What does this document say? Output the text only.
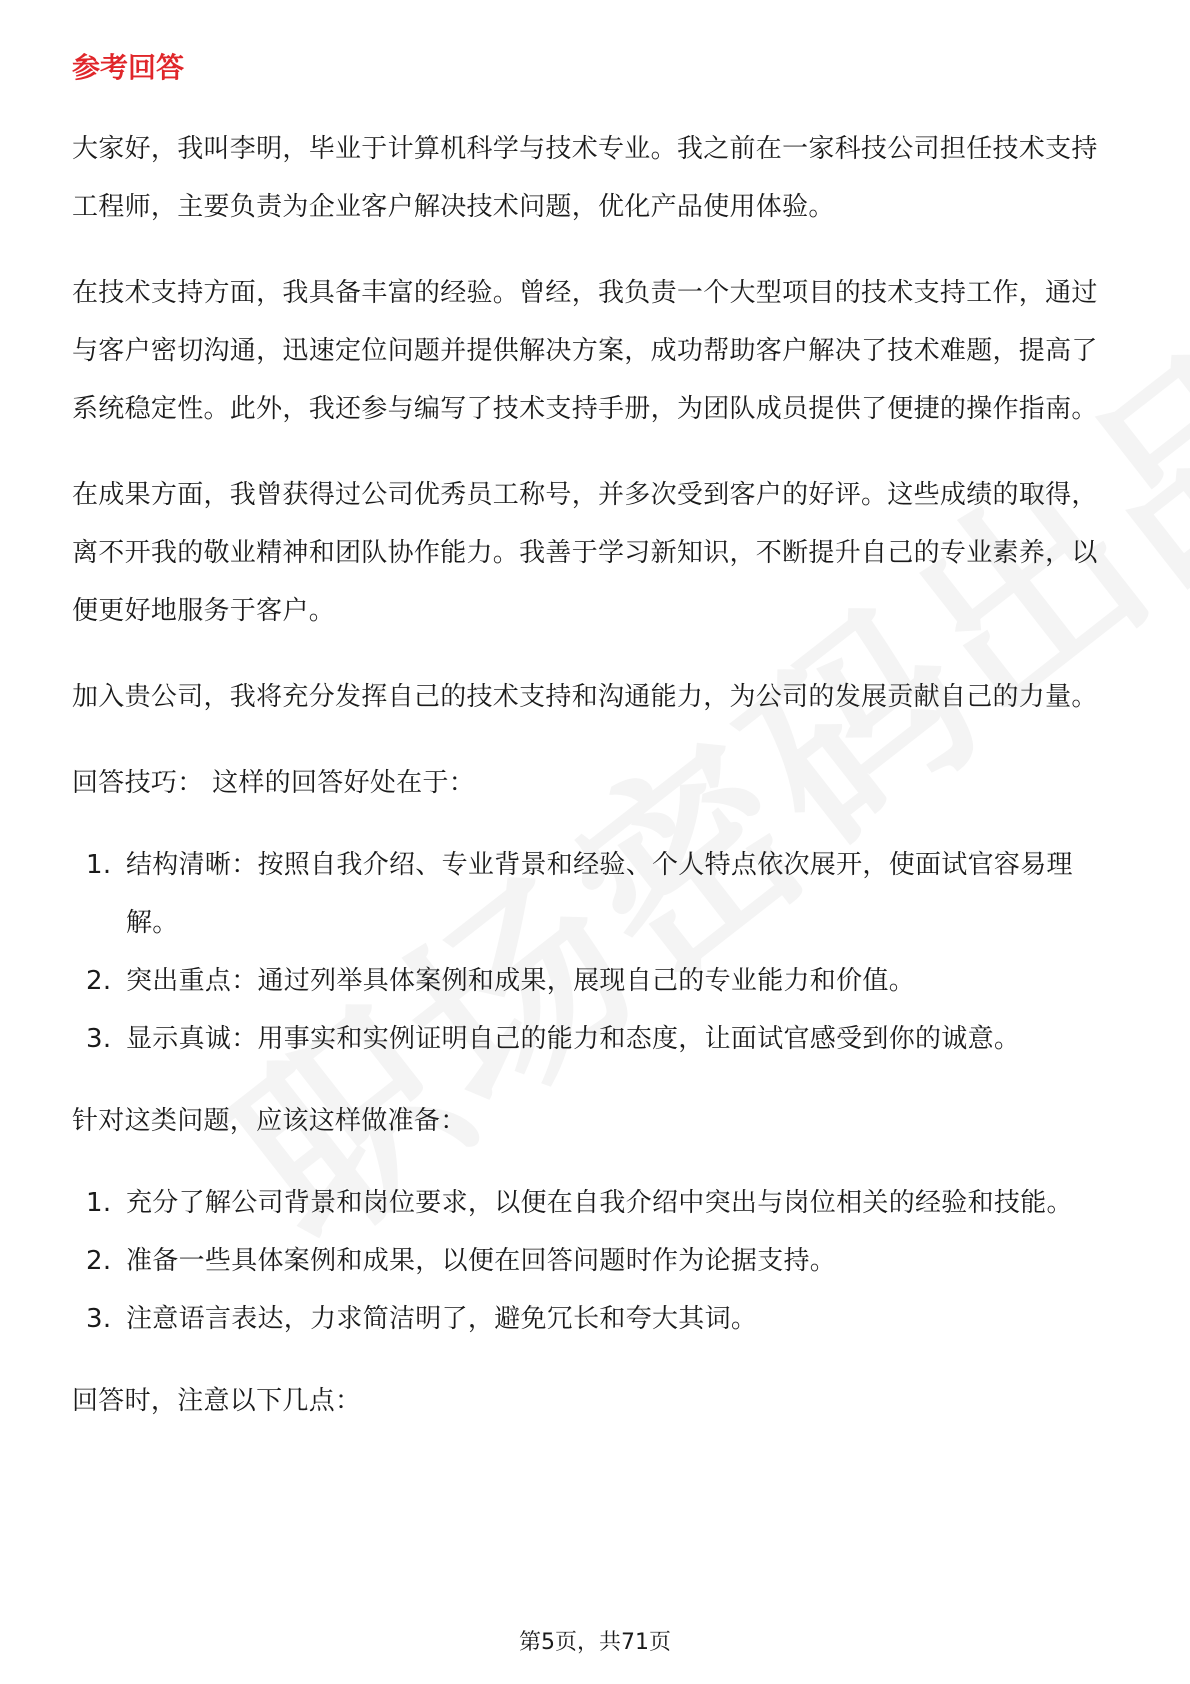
参考回答

大家好，我叫李明，毕业于计算机科学与技术专业。我之前在一家科技公司担任技术支持工程师，主要负责为企业客户解决技术问题，优化产品使用体验。

在技术支持方面，我具备丰富的经验。曾经，我负责一个大型项目的技术支持工作，通过与客户密切沟通，迅速定位问题并提供解决方案，成功帮助客户解决了技术难题，提高了系统稳定性。此外，我还参与编写了技术支持手册，为团队成员提供了便捷的操作指南。

在成果方面，我曾获得过公司优秀员工称号，并多次受到客户的好评。这些成绩的取得，离不开我的敬业精神和团队协作能力。我善于学习新知识，不断提升自己的专业素养，以便更好地服务于客户。

加入贵公司，我将充分发挥自己的技术支持和沟通能力，为公司的发展贡献自己的力量。

回答技巧： 这样的回答好处在于：

1. 结构清晰：按照自我介绍、专业背景和经验、个人特点依次展开，使面试官容易理解。
2. 突出重点：通过列举具体案例和成果，展现自己的专业能力和价值。
3. 显示真诚：用事实和实例证明自己的能力和态度，让面试官感受到你的诚意。

针对这类问题，应该这样做准备：

1. 充分了解公司背景和岗位要求，以便在自我介绍中突出与岗位相关的经验和技能。
2. 准备一些具体案例和成果，以便在回答问题时作为论据支持。
3. 注意语言表达，力求简洁明了，避免冗长和夸大其词。

回答时，注意以下几点：

第5页，共71页
